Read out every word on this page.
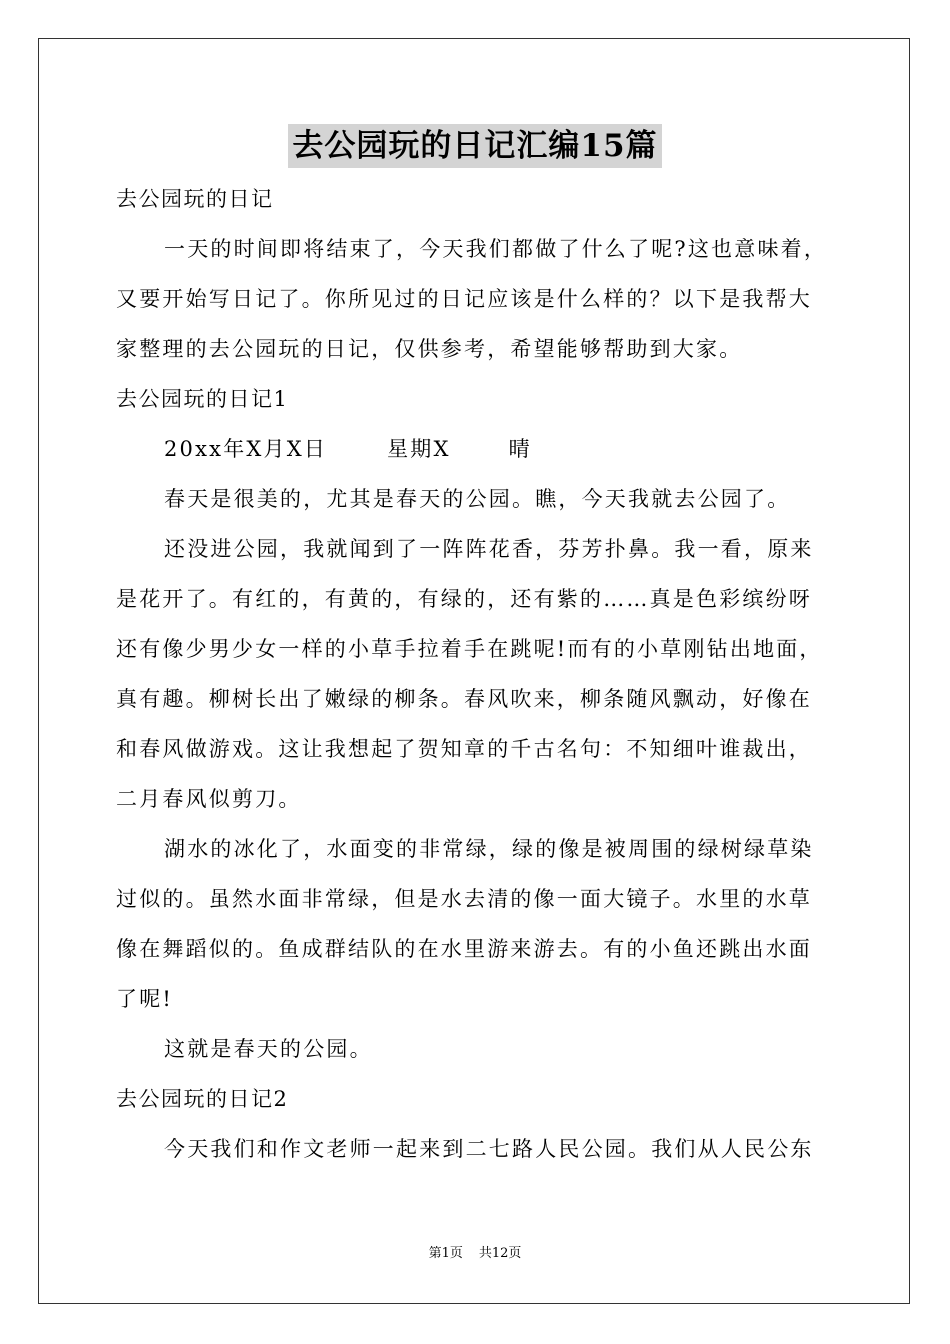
去公园玩的日记汇编15篇
去公园玩的日记
一天的时间即将结束了，今天我们都做了什么了呢?这也意味着，
又要开始写日记了。你所见过的日记应该是什么样的？以下是我帮大
家整理的去公园玩的日记，仅供参考，希望能够帮助到大家。
去公园玩的日记1
20xx年X月X日	星期X	晴
春天是很美的，尤其是春天的公园。瞧，今天我就去公园了。
还没进公园，我就闻到了一阵阵花香，芬芳扑鼻。我一看，原来
是花开了。有红的，有黄的，有绿的，还有紫的……真是色彩缤纷呀
还有像少男少女一样的小草手拉着手在跳呢!而有的小草刚钻出地面，
真有趣。柳树长出了嫩绿的柳条。春风吹来，柳条随风飘动，好像在
和春风做游戏。这让我想起了贺知章的千古名句：不知细叶谁裁出，
二月春风似剪刀。
湖水的冰化了，水面变的非常绿，绿的像是被周围的绿树绿草染
过似的。虽然水面非常绿，但是水去清的像一面大镜子。水里的水草
像在舞蹈似的。鱼成群结队的在水里游来游去。有的小鱼还跳出水面
了呢!
这就是春天的公园。
去公园玩的日记2
今天我们和作文老师一起来到二七路人民公园。我们从人民公东
第1页 共12页
